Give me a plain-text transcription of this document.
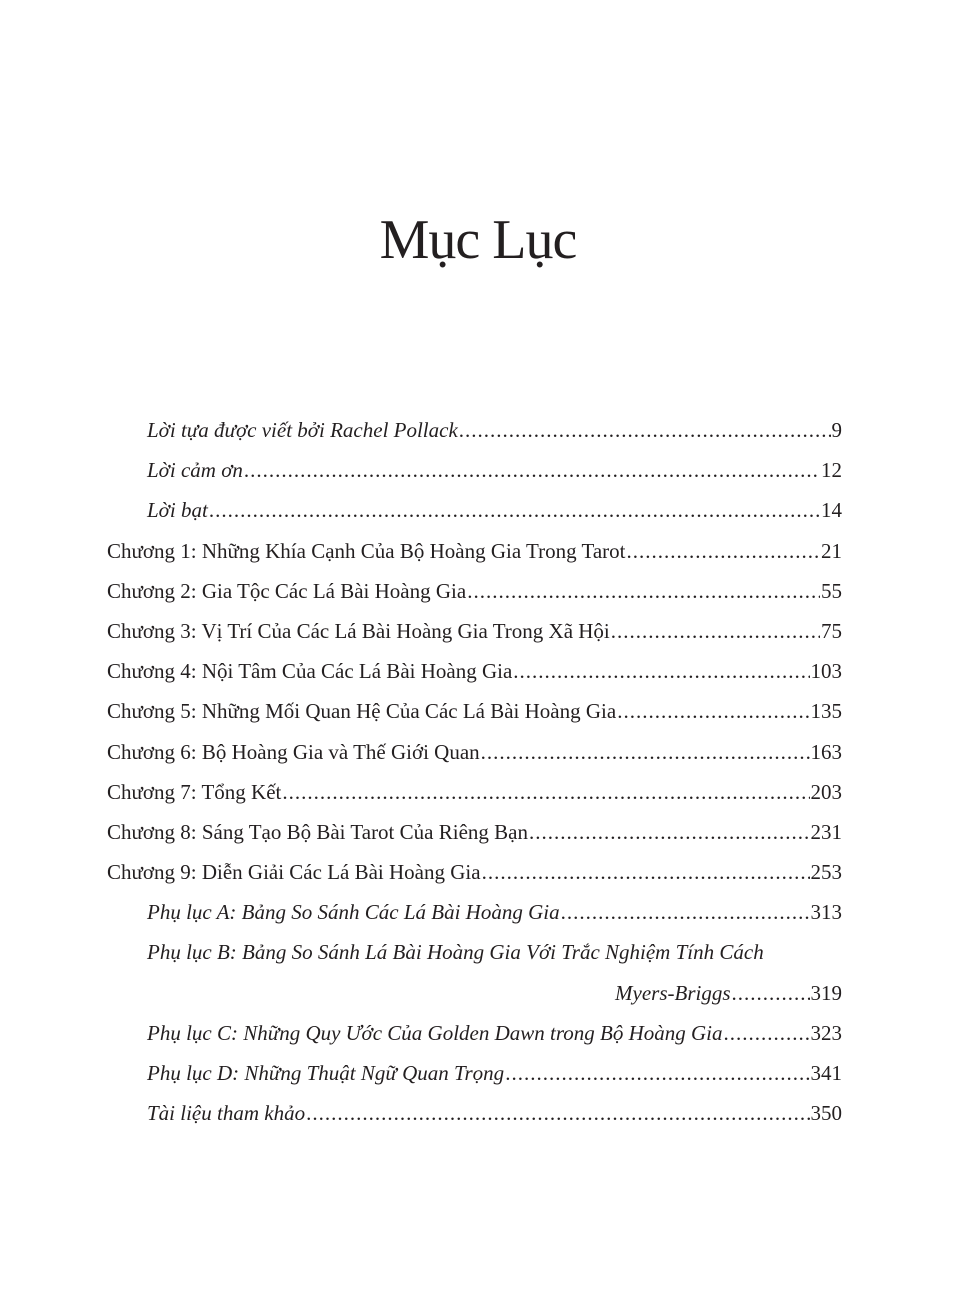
Mục Lục
Lời tựa được viết bởi Rachel Pollack .....	9
Lời cảm ơn .....	12
Lời bạt .....	14
Chương 1: Những Khía Cạnh Của Bộ Hoàng Gia Trong Tarot .....	21
Chương 2: Gia Tộc Các Lá Bài Hoàng Gia .....	55
Chương 3: Vị Trí Của Các Lá Bài Hoàng Gia Trong Xã Hội .....	75
Chương 4: Nội Tâm Của Các Lá Bài Hoàng Gia .....	103
Chương 5: Những Mối Quan Hệ Của Các Lá Bài Hoàng Gia .....	135
Chương 6: Bộ Hoàng Gia và Thế Giới Quan .....	163
Chương 7: Tổng Kết .....	203
Chương 8: Sáng Tạo Bộ Bài Tarot Của Riêng Bạn .....	231
Chương 9: Diễn Giải Các Lá Bài Hoàng Gia .....	253
Phụ lục A: Bảng So Sánh Các Lá Bài Hoàng Gia .....	313
Phụ lục B: Bảng So Sánh Lá Bài Hoàng Gia Với Trắc Nghiệm Tính Cách
Myers-Briggs .....	319
Phụ lục C: Những Quy Ước Của Golden Dawn trong Bộ Hoàng Gia .....	323
Phụ lục D: Những Thuật Ngữ Quan Trọng .....	341
Tài liệu tham khảo .....	350
